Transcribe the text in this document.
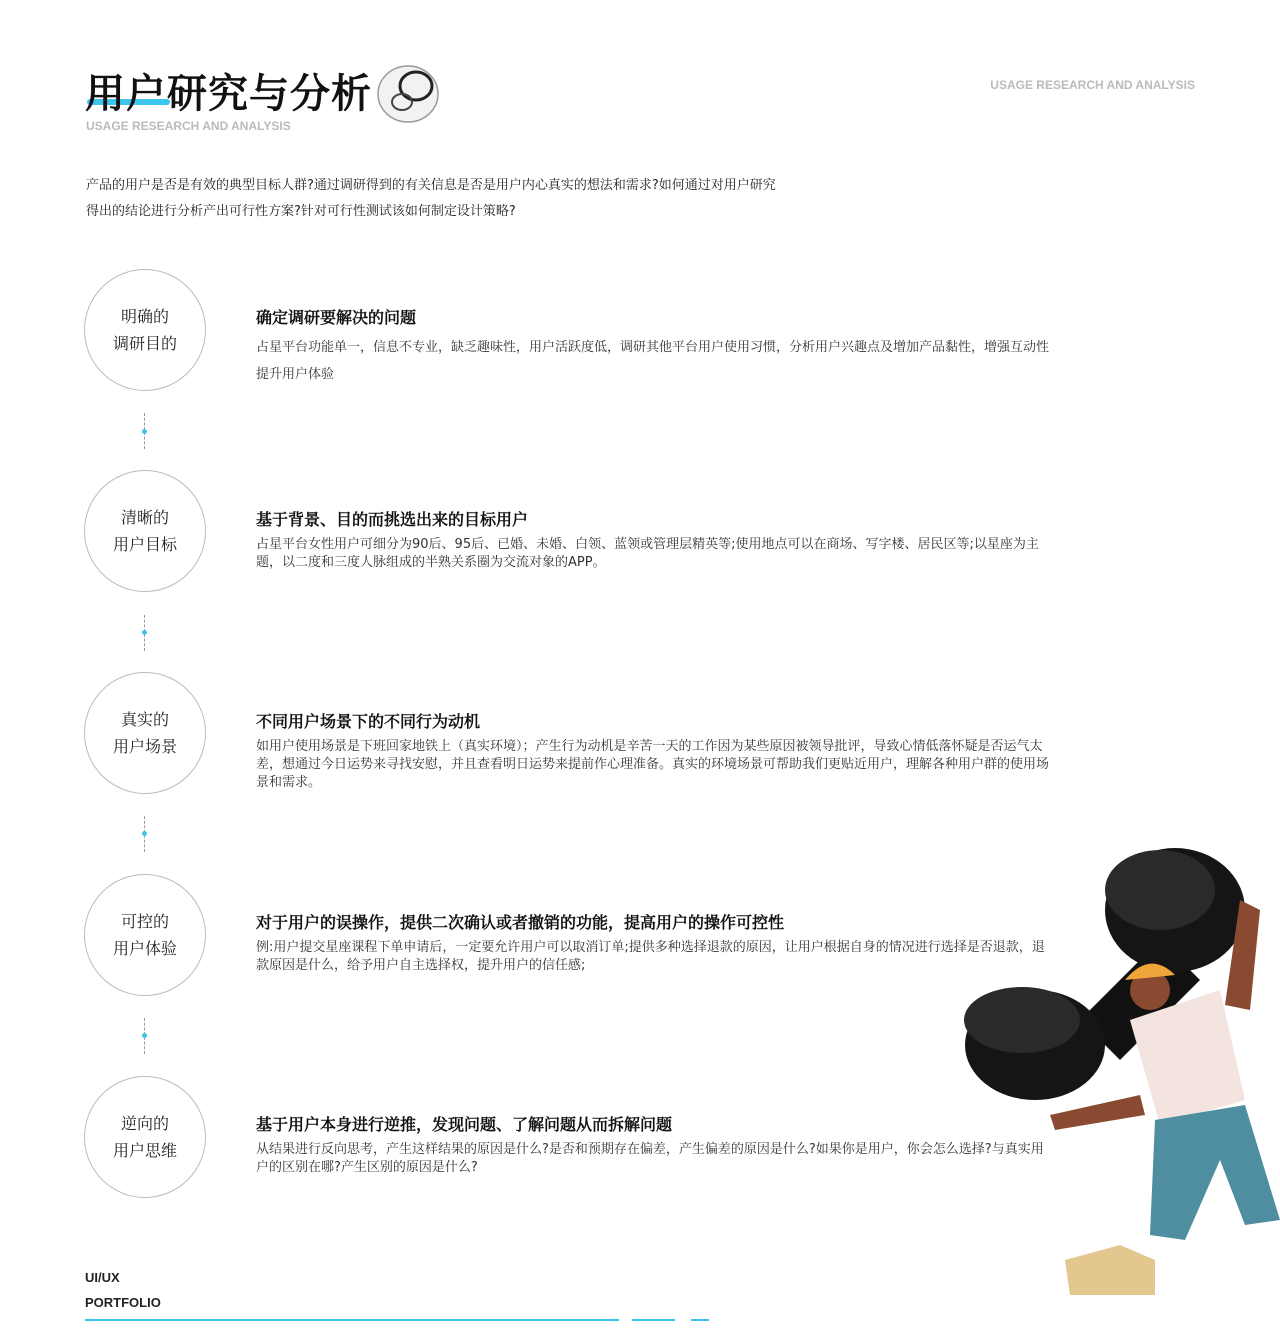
用户研究与分析
USAGE RESEARCH AND ANALYSIS
USAGE RESEARCH AND ANALYSIS
产品的用户是否是有效的典型目标人群?通过调研得到的有关信息是否是用户内心真实的想法和需求?如何通过对用户研究得出的结论进行分析产出可行性方案?针对可行性测试该如何制定设计策略?
明确的
调研目的
清晰的
用户目标
真实的
用户场景
可控的
用户体验
逆向的
用户思维
确定调研要解决的问题

占星平台功能单一，信息不专业，缺乏趣味性，用户活跃度低，调研其他平台用户使用习惯，分析用户兴趣点及增加产品黏性，增强互动性提升用户体验

基于背景、目的而挑选出来的目标用户

占星平台女性用户可细分为90后、95后、已婚、未婚、白领、蓝领或管理层精英等;使用地点可以在商场、写字楼、居民区等;以星座为主题，以二度和三度人脉组成的半熟关系圈为交流对象的APP。

不同用户场景下的不同行为动机

如用户使用场景是下班回家地铁上（真实环境）；产生行为动机是辛苦一天的工作因为某些原因被领导批评，导致心情低落怀疑是否运气太差，想通过今日运势来寻找安慰，并且查看明日运势来提前作心理准备。真实的环境场景可帮助我们更贴近用户，理解各种用户群的使用场景和需求。

对于用户的误操作，提供二次确认或者撤销的功能，提高用户的操作可控性

例:用户提交星座课程下单申请后，一定要允许用户可以取消订单;提供多种选择退款的原因，让用户根据自身的情况进行选择是否退款，退款原因是什么，给予用户自主选择权，提升用户的信任感;

基于用户本身进行逆推，发现问题、了解问题从而拆解问题

从结果进行反向思考，产生这样结果的原因是什么?是否和预期存在偏差，产生偏差的原因是什么?如果你是用户，你会怎么选择?与真实用户的区别在哪?产生区别的原因是什么?

UI/UX
PORTFOLIO
